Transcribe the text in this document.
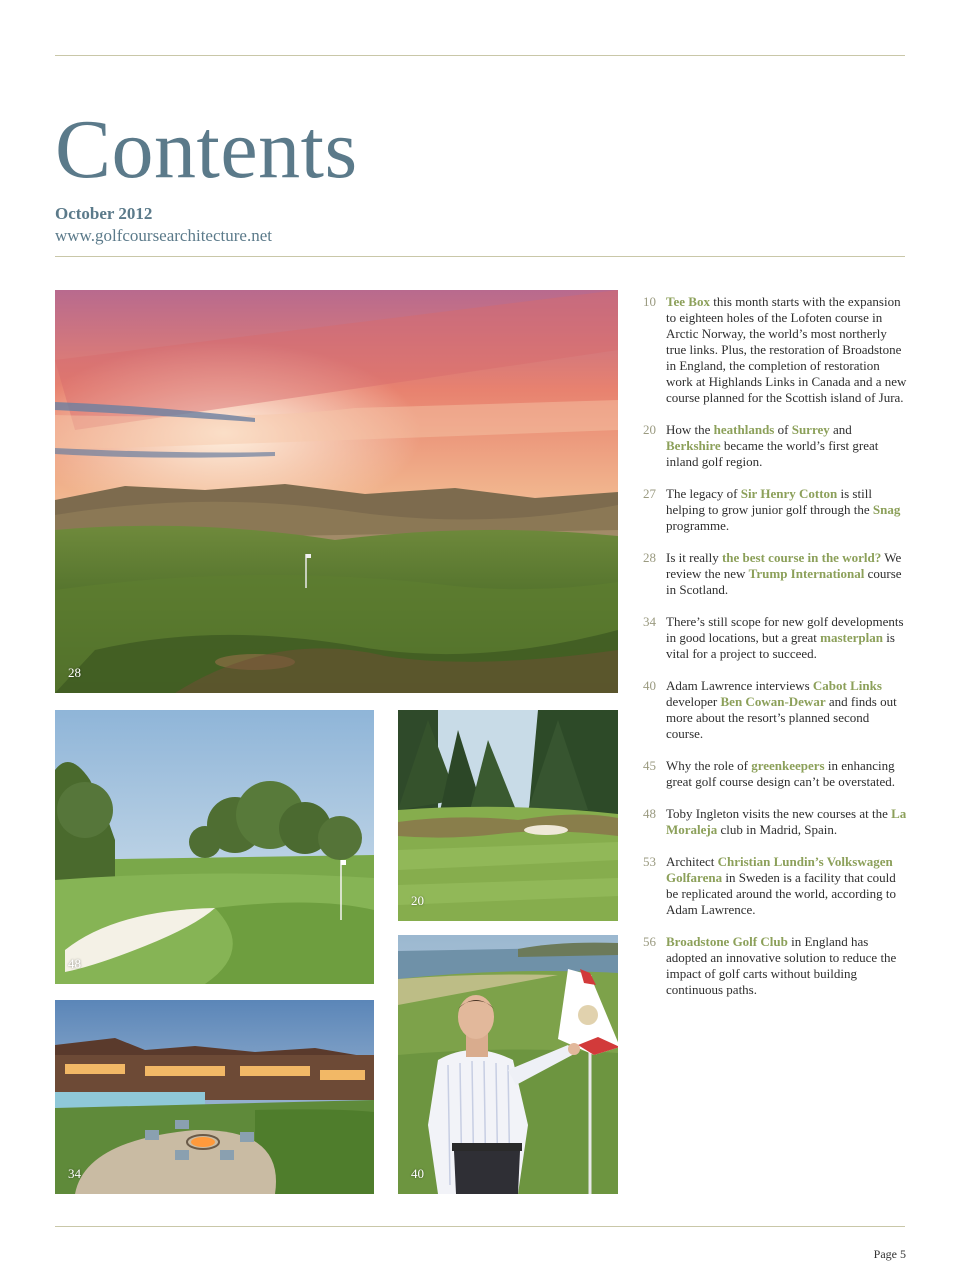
Contents
October 2012
www.golfcoursearchitecture.net
28
48
20
34	40
10 Tee Box this month starts with the expansion to eighteen holes of the Lofoten course in Arctic Norway, the world’s most northerly true links. Plus, the restoration of Broadstone in England, the completion of restoration work at Highlands Links in Canada and a new course planned for the Scottish island of Jura.
20 How the heathlands of Surrey and Berkshire became the world’s first great inland golf region.
27 The legacy of Sir Henry Cotton is still helping to grow junior golf through the Snag programme.
28 Is it really the best course in the world? We review the new Trump International course in Scotland.
34 There’s still scope for new golf developments in good locations, but a great masterplan is vital for a project to succeed.
40 Adam Lawrence interviews Cabot Links developer Ben Cowan-Dewar and finds out more about the resort’s planned second course.
45 Why the role of greenkeepers in enhancing great golf course design can’t be overstated.
48 Toby Ingleton visits the new courses at the La Moraleja club in Madrid, Spain.
53 Architect Christian Lundin’s Volkswagen Golfarena in Sweden is a facility that could be replicated around the world, according to Adam Lawrence.
56 Broadstone Golf Club in England has adopted an innovative solution to reduce the impact of golf carts without building continuous paths.
Page 5
